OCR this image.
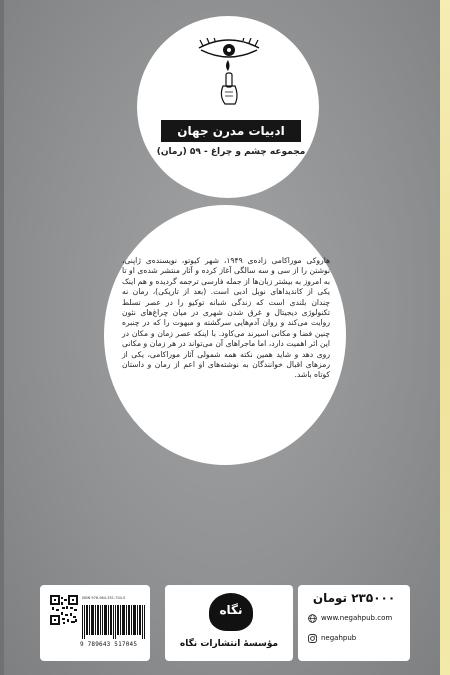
ادبیات مدرن جهان
مجموعه چشم و چراغ - ۵۹ (رمان)
هاروکی موراکامی زاده‌ی ۱۹۴۹، شهر کیوتو، نویسنده‌ی ژاپنی، نوشتن را از سی و سه سالگی آغاز کرده و آثار منتشر شده‌ی او تا به امروز به بیشتر زبان‌ها از جمله فارسی ترجمه گردیده و هم اینک یکی از کاندیداهای نوبل ادبی است. (بعد از تاریکی)، رمان نه چندان بلندی است که زندگی شبانه توکیو را در عصر تسلط تکنولوژی دیجیتال و غرق شدن شهری در میان چراغ‌های نئون روایت می‌کند و روان آدم‌هایی سرگشته و مبهوت را که در چنبره چنین فضا و مکانی اسیرند می‌کاود. با اینکه عصر زمان و مکان در این اثر اهمیت دارد، اما ماجراهای آن می‌تواند در هر زمان و مکانی روی دهد و شاید همین نکته همه شمولی آثار موراکامی، یکی از رمزهای اقبال خوانندگان به نوشته‌های او اعم از رمان و داستان کوتاه باشد.
ISBN 978-964-351-704-5
9 789643 517045
نگاه
مؤسسهٔ انتشارات نگاه
۲۳۵۰۰۰ تومان
www.negahpub.com
negahpub
